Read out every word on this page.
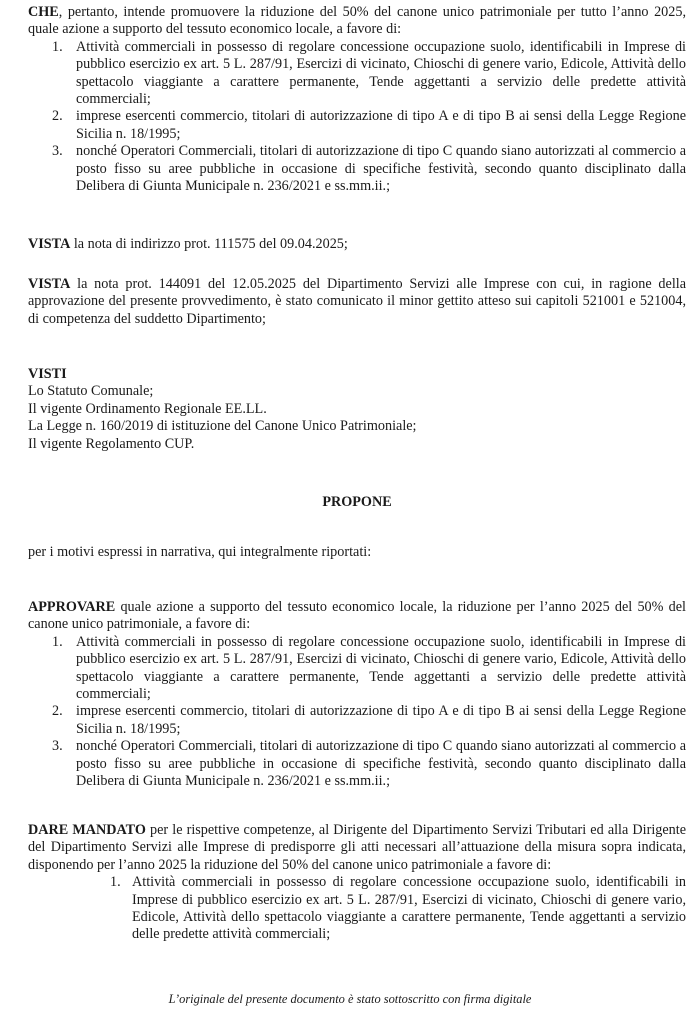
CHE, pertanto, intende promuovere la riduzione del 50% del canone unico patrimoniale per tutto l’anno 2025, quale azione a supporto del tessuto economico locale, a favore di:

1. Attività commerciali in possesso di regolare concessione occupazione suolo, identificabili in Imprese di pubblico esercizio ex art. 5 L. 287/91, Esercizi di vicinato, Chioschi di genere vario, Edicole, Attività dello spettacolo viaggiante a carattere permanente, Tende aggettanti a servizio delle predette attività commerciali;
2. imprese esercenti commercio, titolari di autorizzazione di tipo A e di tipo B ai sensi della Legge Regione Sicilia n. 18/1995;
3. nonché Operatori Commerciali, titolari di autorizzazione di tipo C quando siano autorizzati al commercio a posto fisso su aree pubbliche in occasione di specifiche festività, secondo quanto disciplinato dalla Delibera di Giunta Municipale n. 236/2021 e ss.mm.ii.;

VISTA la nota di indirizzo prot. 111575 del 09.04.2025;

VISTA la nota prot. 144091 del 12.05.2025 del Dipartimento Servizi alle Imprese con cui, in ragione della approvazione del presente provvedimento, è stato comunicato il minor gettito atteso sui capitoli 521001 e 521004, di competenza del suddetto Dipartimento;

VISTI
Lo Statuto Comunale;
Il vigente Ordinamento Regionale EE.LL.
La Legge n. 160/2019 di istituzione del Canone Unico Patrimoniale;
Il vigente Regolamento CUP.
PROPONE

per i motivi espressi in narrativa, qui integralmente riportati:

APPROVARE quale azione a supporto del tessuto economico locale, la riduzione per l’anno 2025 del 50% del canone unico patrimoniale, a favore di:

1. Attività commerciali in possesso di regolare concessione occupazione suolo, identificabili in Imprese di pubblico esercizio ex art. 5 L. 287/91, Esercizi di vicinato, Chioschi di genere vario, Edicole, Attività dello spettacolo viaggiante a carattere permanente, Tende aggettanti a servizio delle predette attività commerciali;
2. imprese esercenti commercio, titolari di autorizzazione di tipo A e di tipo B ai sensi della Legge Regione Sicilia n. 18/1995;
3. nonché Operatori Commerciali, titolari di autorizzazione di tipo C quando siano autorizzati al commercio a posto fisso su aree pubbliche in occasione di specifiche festività, secondo quanto disciplinato dalla Delibera di Giunta Municipale n. 236/2021 e ss.mm.ii.;

DARE MANDATO per le rispettive competenze, al Dirigente del Dipartimento Servizi Tributari ed alla Dirigente del Dipartimento Servizi alle Imprese di predisporre gli atti necessari all’attuazione della misura sopra indicata, disponendo per l’anno 2025 la riduzione del 50% del canone unico patrimoniale a favore di:

1. Attività commerciali in possesso di regolare concessione occupazione suolo, identificabili in Imprese di pubblico esercizio ex art. 5 L. 287/91, Esercizi di vicinato, Chioschi di genere vario, Edicole, Attività dello spettacolo viaggiante a carattere permanente, Tende aggettanti a servizio delle predette attività commerciali;
L’originale del presente documento è stato sottoscritto con firma digitale
